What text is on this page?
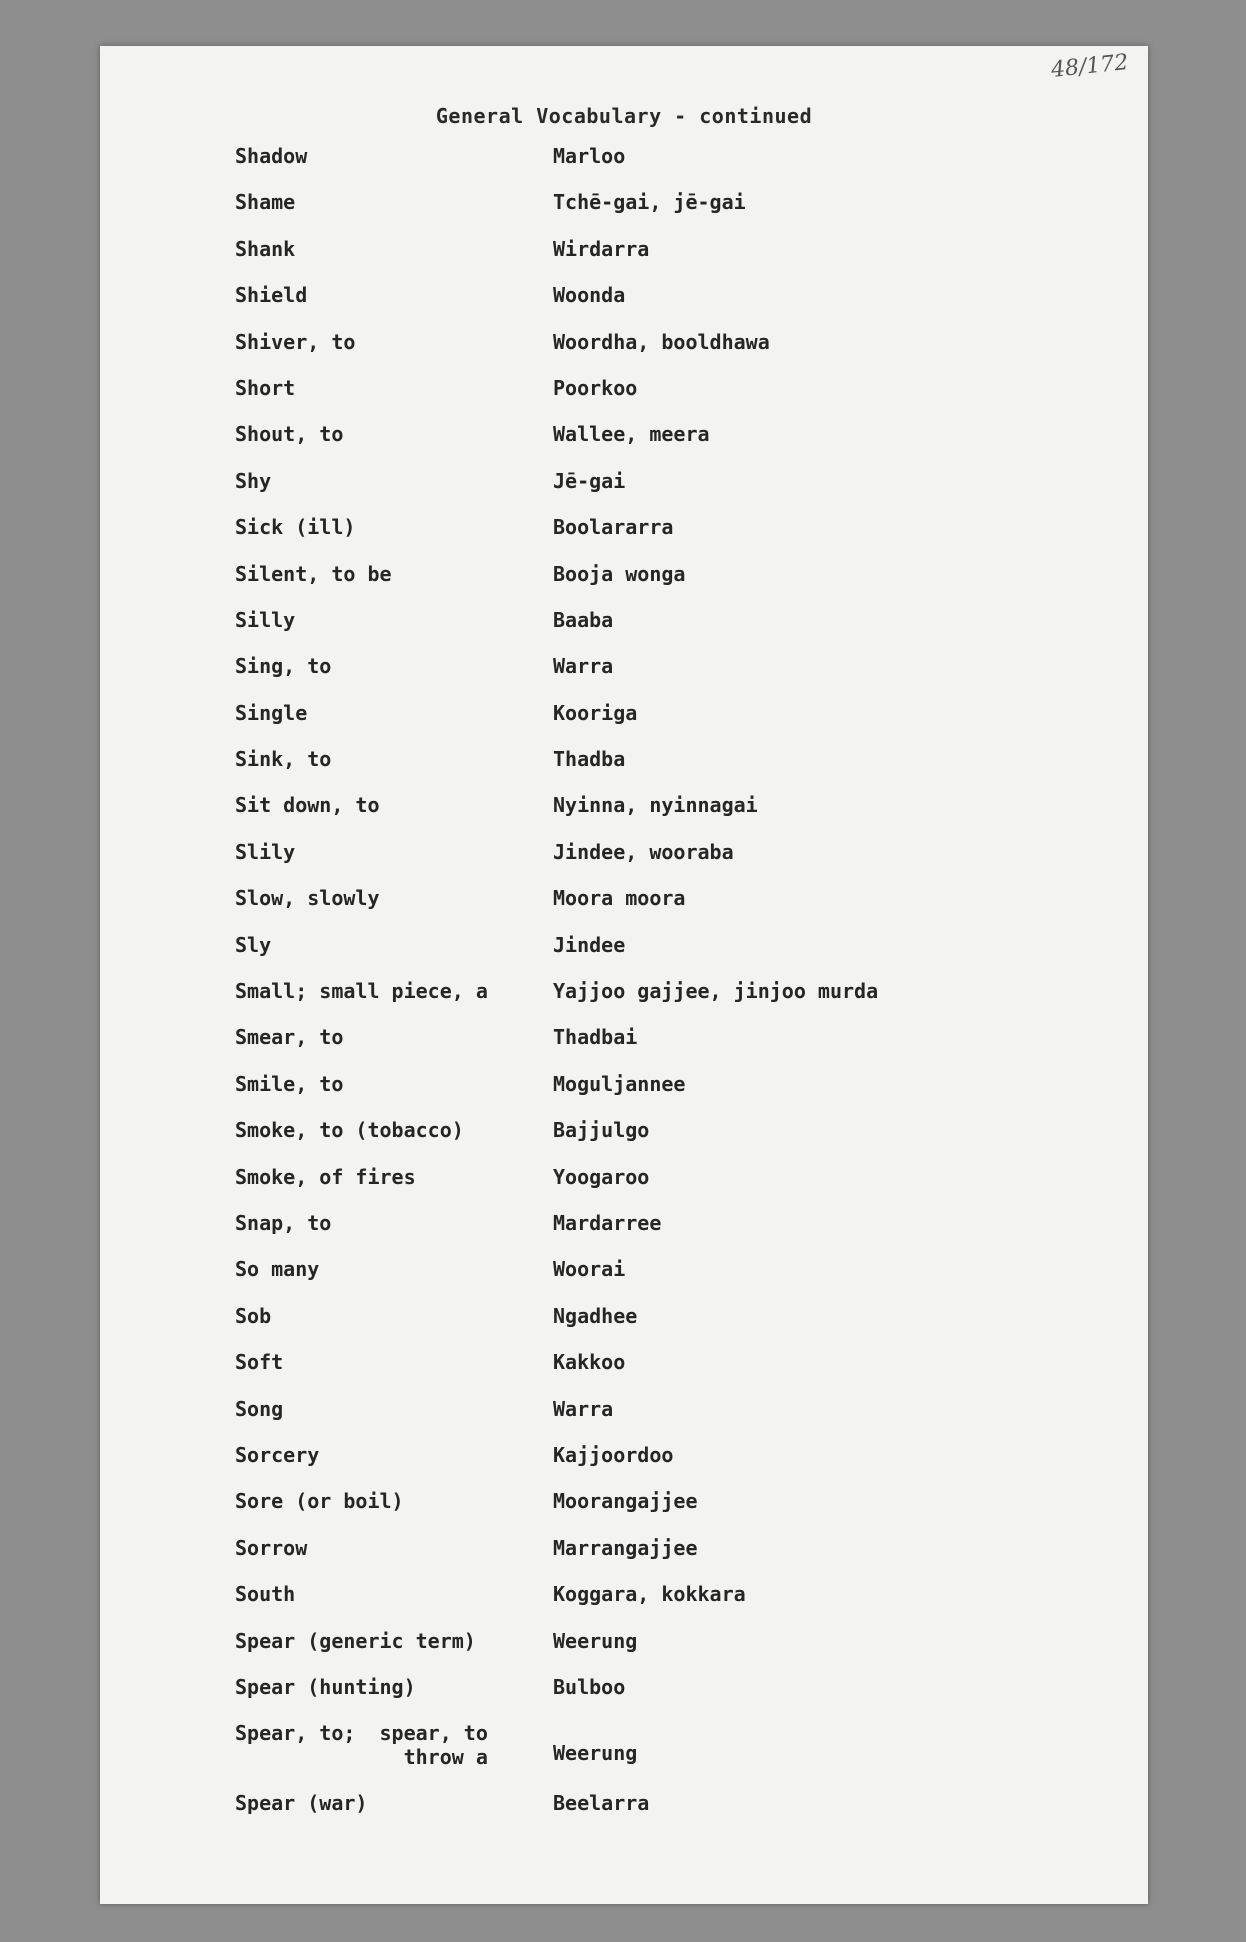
48/172
General Vocabulary - continued
Shadow	Marloo
Shame	Tchē-gai, jē-gai
Shank	Wirdarra
Shield	Woonda
Shiver, to	Woordha, booldhawa
Short	Poorkoo
Shout, to	Wallee, meera
Shy	Jē-gai
Sick (ill)	Boolararra
Silent, to be	Booja wonga
Silly	Baaba
Sing, to	Warra
Single	Kooriga
Sink, to	Thadba
Sit down, to	Nyinna, nyinnagai
Slily	Jindee, wooraba
Slow, slowly	Moora moora
Sly	Jindee
Small; small piece, a	Yajjoo gajjee, jinjoo murda
Smear, to	Thadbai
Smile, to	Moguljannee
Smoke, to (tobacco)	Bajjulgo
Smoke, of fires	Yoogaroo
Snap, to	Mardarree
So many	Woorai
Sob	Ngadhee
Soft	Kakkoo
Song	Warra
Sorcery	Kajjoordoo
Sore (or boil)	Moorangajjee
Sorrow	Marrangajjee
South	Koggara, kokkara
Spear (generic term)	Weerung
Spear (hunting)	Bulboo
Spear, to;  spear, to
throw a	Weerung
Spear (war)	Beelarra
